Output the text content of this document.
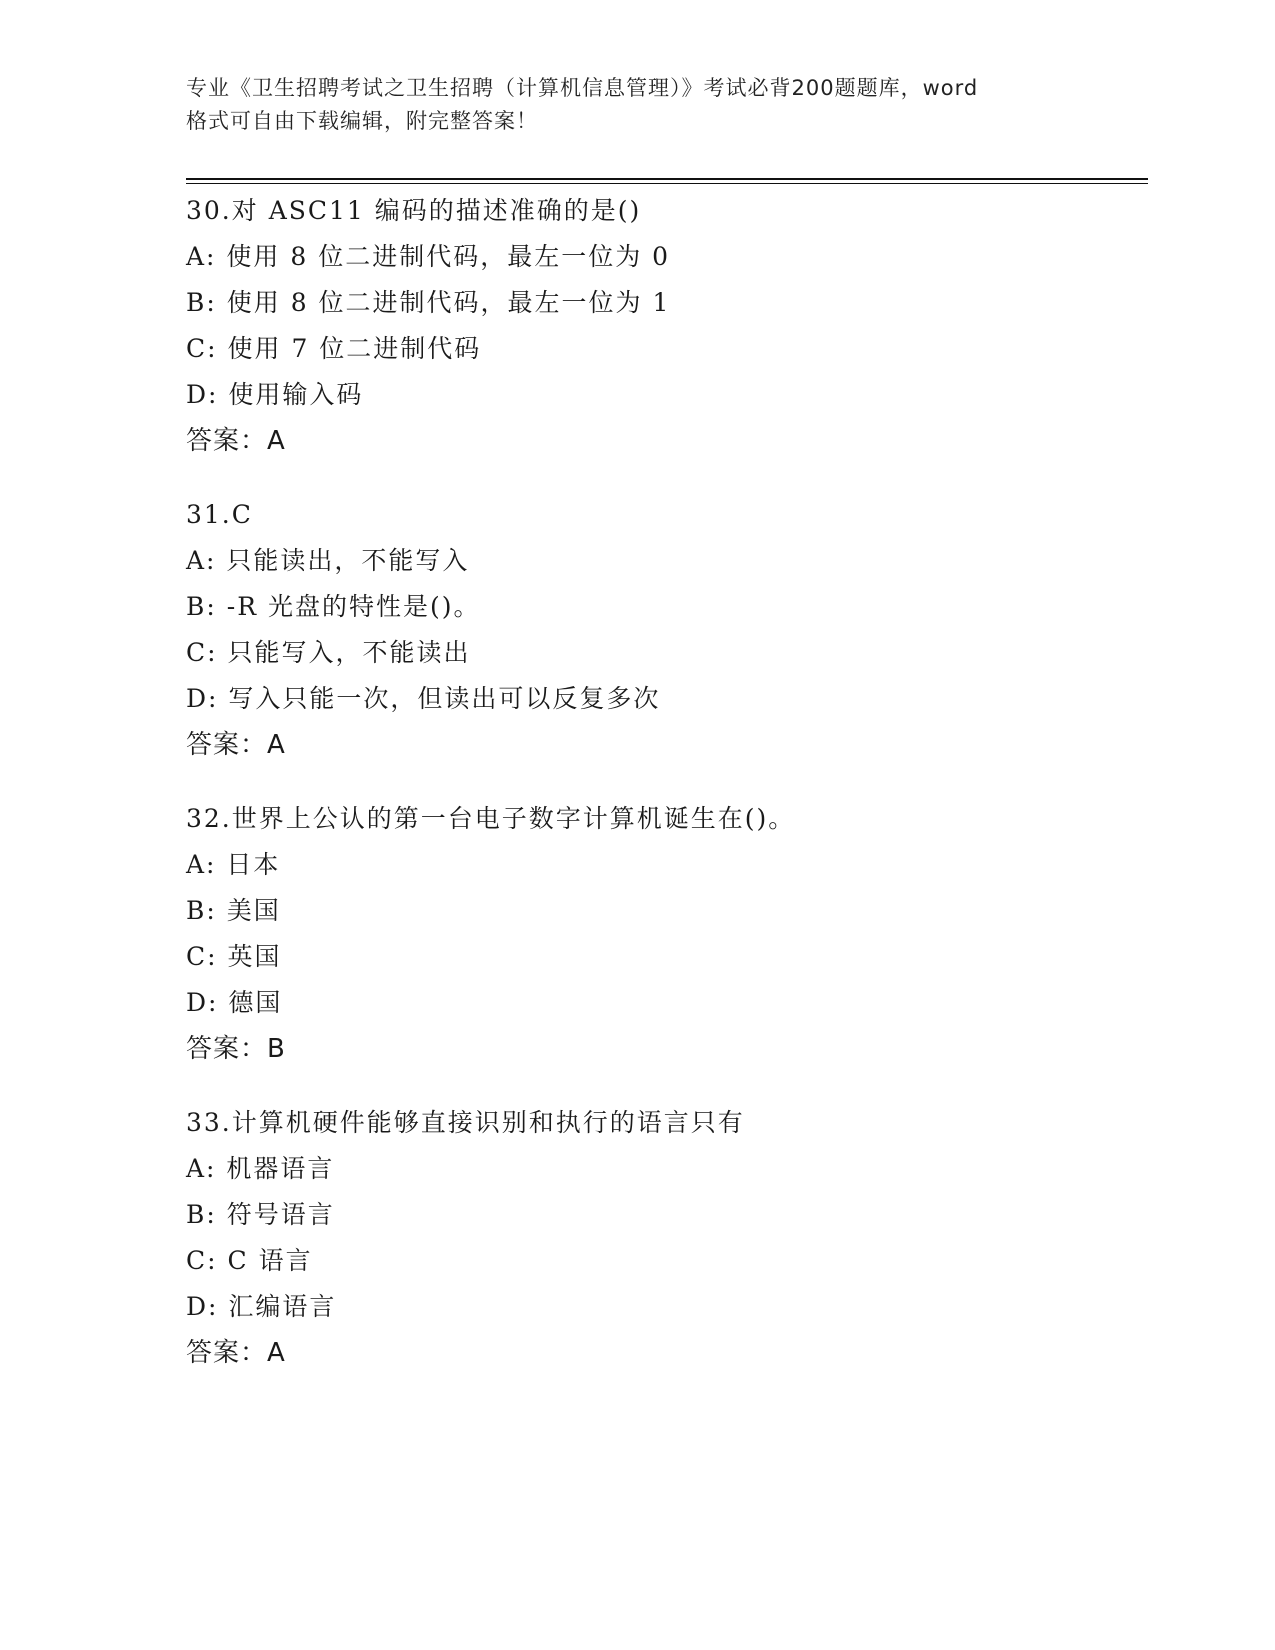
专业《卫生招聘考试之卫生招聘（计算机信息管理）》考试必背200题题库，word
格式可自由下载编辑，附完整答案！
30.对 ASC11 编码的描述准确的是()
A: 使用 8 位二进制代码，最左一位为 0
B: 使用 8 位二进制代码，最左一位为 1
C: 使用 7 位二进制代码
D: 使用输入码
答案：A
31.C
A: 只能读出，不能写入
B: -R 光盘的特性是()。
C: 只能写入，不能读出
D: 写入只能一次，但读出可以反复多次
答案：A
32.世界上公认的第一台电子数字计算机诞生在()。
A: 日本
B: 美国
C: 英国
D: 德国
答案：B
33.计算机硬件能够直接识别和执行的语言只有
A: 机器语言
B: 符号语言
C: C 语言
D: 汇编语言
答案：A
